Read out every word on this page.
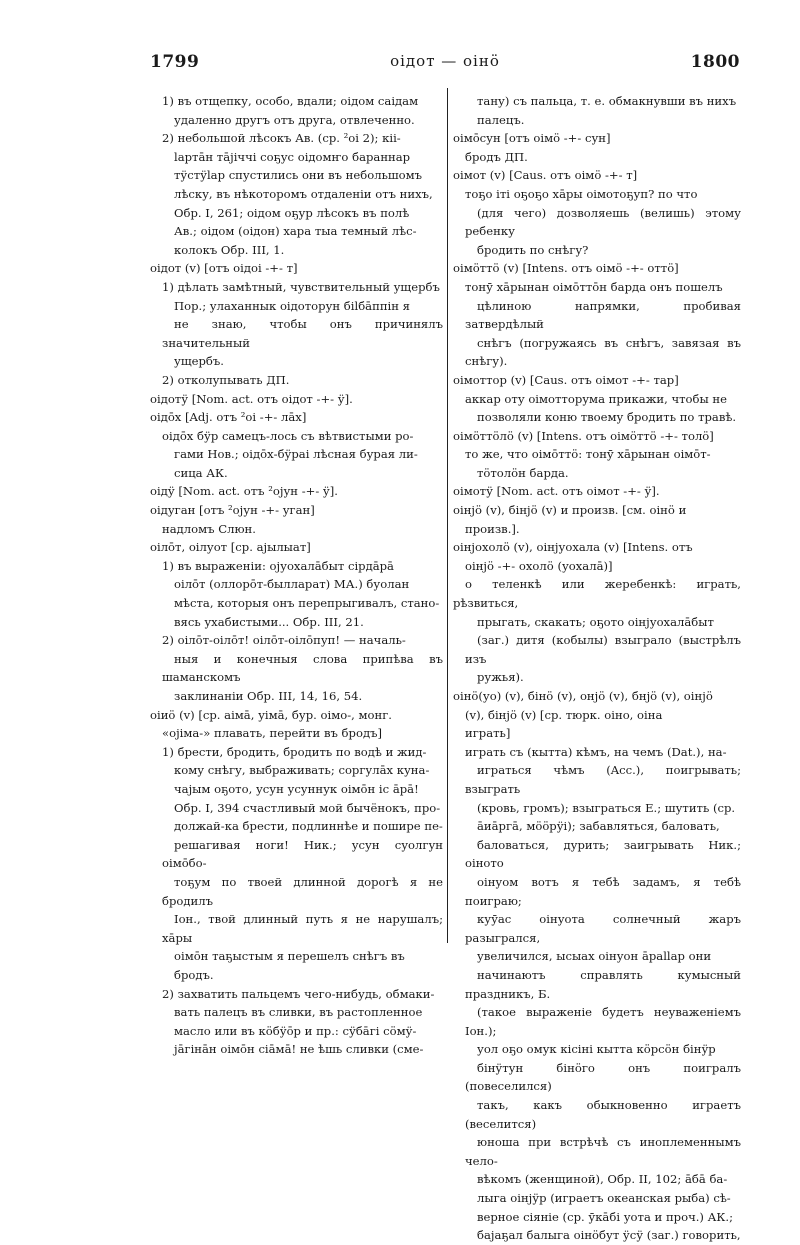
1799	оідот — оінӧ	1800
1) въ отщепку, особо, вдали; оідом саідам
удаленно другъ отъ друга, отвлеченно.
2) небольшой лѣсокъ Ав. (ср. ²оі 2); кіі-
lартāн тāјіччі соҕус оідомҥо бараннар
тӱстӱlар спустились они въ небольшомъ
лѣску, въ нѣкоторомъ отдаленіи отъ нихъ,
Обр. I, 261; оідом оҕур лѣсокъ въ полѣ
Ав.; оідом (оідон) хара тыа темный лѣс-
колокъ Обр. III, 1.
оідот (v) [отъ оідоі -+- т]
1) дѣлать замѣтный, чувствительный ущербъ
Пор.; улаханнык оідоторун біlбāппін я
не знаю, чтобы онъ причинялъ значительный
ущербъ.
2) отколупывать ДП.
оідотӱ [Nom. act. отъ оідот -+- ӱ].
оідōх [Adj. отъ ²оі -+- лāх]
оідōх бӱр самецъ-лось съ вѣтвистыми ро-
гами Нов.; оідōх-бӱраі лѣсная бурая ли-
сица АК.
оідӱ [Nom. act. отъ ²ојун -+- ӱ].
оідуган [отъ ²ојун -+- уган]
надломъ Слюн.
оілōт, оілуот [ср. ајылыат]
1) въ выраженіи: ојуохалāбыт сірдāрā
оілōт (оллорōт-былларат) МА.) буолан
мѣста, которыя онъ перепрыгивалъ, стано-
вясь ухабистыми... Обр. III, 21.
2) оілōт-оілōт! оілōт-оілōпуп! — началь-
ныя и конечныя слова припѣва въ шаманскомъ
заклинаніи Обр. III, 14, 16, 54.
оіиӧ (v) [ср. аімā, уімā, бур. оімо-, монг.
«ојіма-» плавать, перейти въ бродъ]
1) брести, бродить, бродить по водѣ и жид-
кому снѣгу, выбраживать; соргулāх куна-
чајым оҕото, усун усуннук оімōн іс āрā!
Обр. I, 394 счастливый мой бычёнокъ, про-
должай-ка брести, подлиннѣе и пошире пе-
решагивая ноги! Ник.; усун суолгун оімōбо-
тоҕум по твоей длинной дорогѣ я не бродилъ
Іон., твой длинный путь я не нарушалъ; хāры
оімōн таҕыстым я перешелъ снѣгъ въ
бродъ.
2) захватить пальцемъ чего-нибудь, обмаки-
вать палецъ въ сливки, въ растопленное
масло или въ кӧбӱōр и пр.: сӱбāгі сӧмӱ-
јāгінāн оімōн сіāмā! не ѣшь сливки (сме-
тану) съ пальца, т. е. обмакнувши въ нихъ
палецъ.
оімōсун [отъ оімӧ -+- сун]
бродъ ДП.
оімот (v) [Caus. отъ оімӧ -+- т]
тоҕо іті оҕоҕо хāры оімотоҕуп? по что
(для чего) дозволяешь (велишь) этому ребенку
бродить по снѣгу?
оімӧттӧ (v) [Intens. отъ оімӧ -+- оттӧ]
тонӯ хāрынан оімōттōн барда онъ пошелъ
цѣлиною напрямки, пробивая затвердѣлый
снѣгъ (погружаясь въ снѣгъ, завязая въ снѣгу).
оімоттор (v) [Caus. отъ оімот -+- тар]
аккар оту оімотторума прикажи, чтобы не
позволяли коню твоему бродить по травѣ.
оімӧттӧлӧ (v) [Intens. отъ оімӧттӧ -+- толӧ]
то же, что оімōттӧ: тонӯ хāрынан оімōт-
тӧтолӧн барда.
оімотӱ [Nom. act. отъ оімот -+- ӱ].
оінјӧ (v), бінјӧ (v) и произв. [см. оінӧ и
произв.].
оінјохолӧ (v), оінјуохала (v) [Intens. отъ
оінјӧ -+- охолӧ (уохалā)]
о теленкѣ или жеребенкѣ: играть, рѣзвиться,
прыгать, скакать; оҕото оінјуохалāбыт
(заг.) дитя (кобылы) взыграло (выстрѣлъ изъ
ружья).
оінӧ(уо) (v), бінӧ (v), онјӧ (v), бнјӧ (v), оінјӧ
(v), бінјӧ (v) [ср. тюрк. оіно, оіна
играть]
играть съ (кытта) кѣмъ, на чемъ (Dat.), на-
играться чѣмъ (Acc.), поигрывать; взыграть
(кровь, громъ); взыграться Е.; шутить (ср.
āиāргā, мӧӧрӱі); забавляться, баловать,
баловаться, дурить; заигрывать Ник.; оіното
оінуом вотъ я тебѣ задамъ, я тебѣ поиграю;
куӯас оінуота солнечный жаръ разыгрался,
увеличился, ысыах оінуон āраllар они
начинаютъ справлять кумысный праздникъ, Б.
(такое выраженіе будетъ неуваженіемъ Іон.);
уол оҕо омук кісіні кытта кӧрсӧн бінӱр
бінӱтун бінӧго онъ поигралъ (повеселился)
такъ, какъ обыкновенно играетъ (веселится)
юноша при встрѣчѣ съ иноплеменнымъ чело-
вѣкомъ (женщиной), Обр. II, 102; āбā ба-
лыга оінјӱр (играетъ океанская рыба) сѣ-
верное сіяніе (ср. ӯкāбі уота и проч.) АК.;
бајаҕал балыга оінӧбут ӱсӱ (заг.) говорить,
